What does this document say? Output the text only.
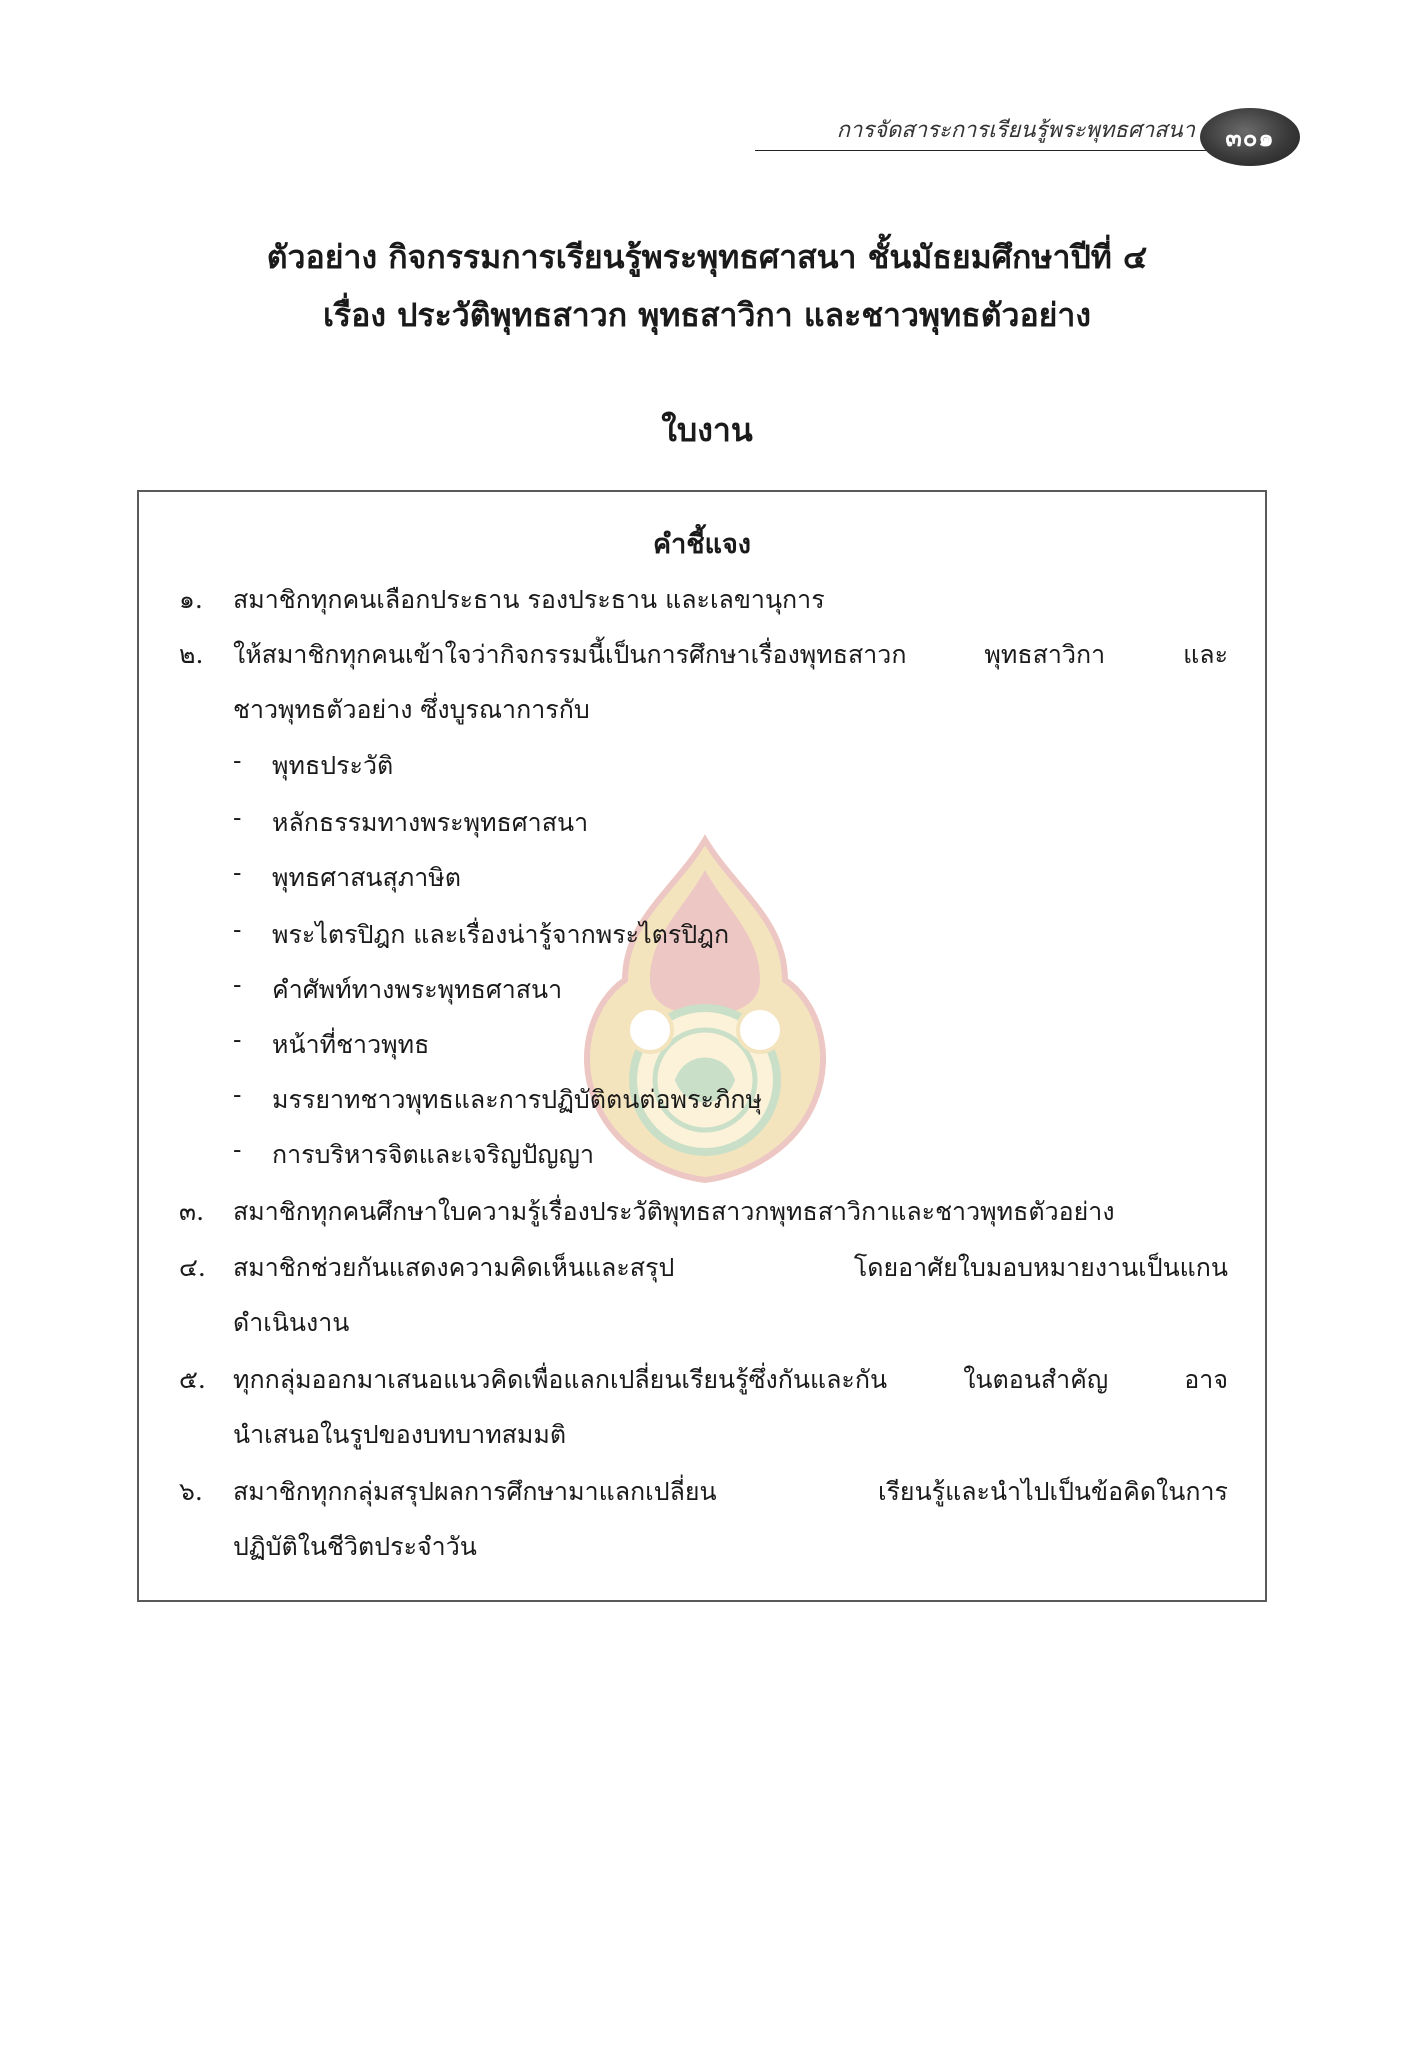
การจัดสาระการเรียนรู้พระพุทธศาสนา	๓๐๑
ตัวอย่าง กิจกรรมการเรียนรู้พระพุทธศาสนา ชั้นมัธยมศึกษาปีที่ ๔
เรื่อง ประวัติพุทธสาวก พุทธสาวิกา และชาวพุทธตัวอย่าง
ใบงาน
คำชี้แจง
๑. สมาชิกทุกคนเลือกประธาน รองประธาน และเลขานุการ
๒. ให้สมาชิกทุกคนเข้าใจว่ากิจกรรมนี้เป็นการศึกษาเรื่องพุทธสาวก พุทธสาวิกา และ
ชาวพุทธตัวอย่าง ซึ่งบูรณาการกับ
- พุทธประวัติ
- หลักธรรมทางพระพุทธศาสนา
- พุทธศาสนสุภาษิต
- พระไตรปิฎก และเรื่องน่ารู้จากพระไตรปิฎก
- คำศัพท์ทางพระพุทธศาสนา
- หน้าที่ชาวพุทธ
- มรรยาทชาวพุทธและการปฏิบัติตนต่อพระภิกษุ
- การบริหารจิตและเจริญปัญญา
๓. สมาชิกทุกคนศึกษาใบความรู้เรื่องประวัติพุทธสาวกพุทธสาวิกาและชาวพุทธตัวอย่าง
๔. สมาชิกช่วยกันแสดงความคิดเห็นและสรุป โดยอาศัยใบมอบหมายงานเป็นแกน
ดำเนินงาน
๕. ทุกกลุ่มออกมาเสนอแนวคิดเพื่อแลกเปลี่ยนเรียนรู้ซึ่งกันและกัน ในตอนสำคัญ อาจ
นำเสนอในรูปของบทบาทสมมติ
๖. สมาชิกทุกกลุ่มสรุปผลการศึกษามาแลกเปลี่ยน เรียนรู้และนำไปเป็นข้อคิดในการ
ปฏิบัติในชีวิตประจำวัน
